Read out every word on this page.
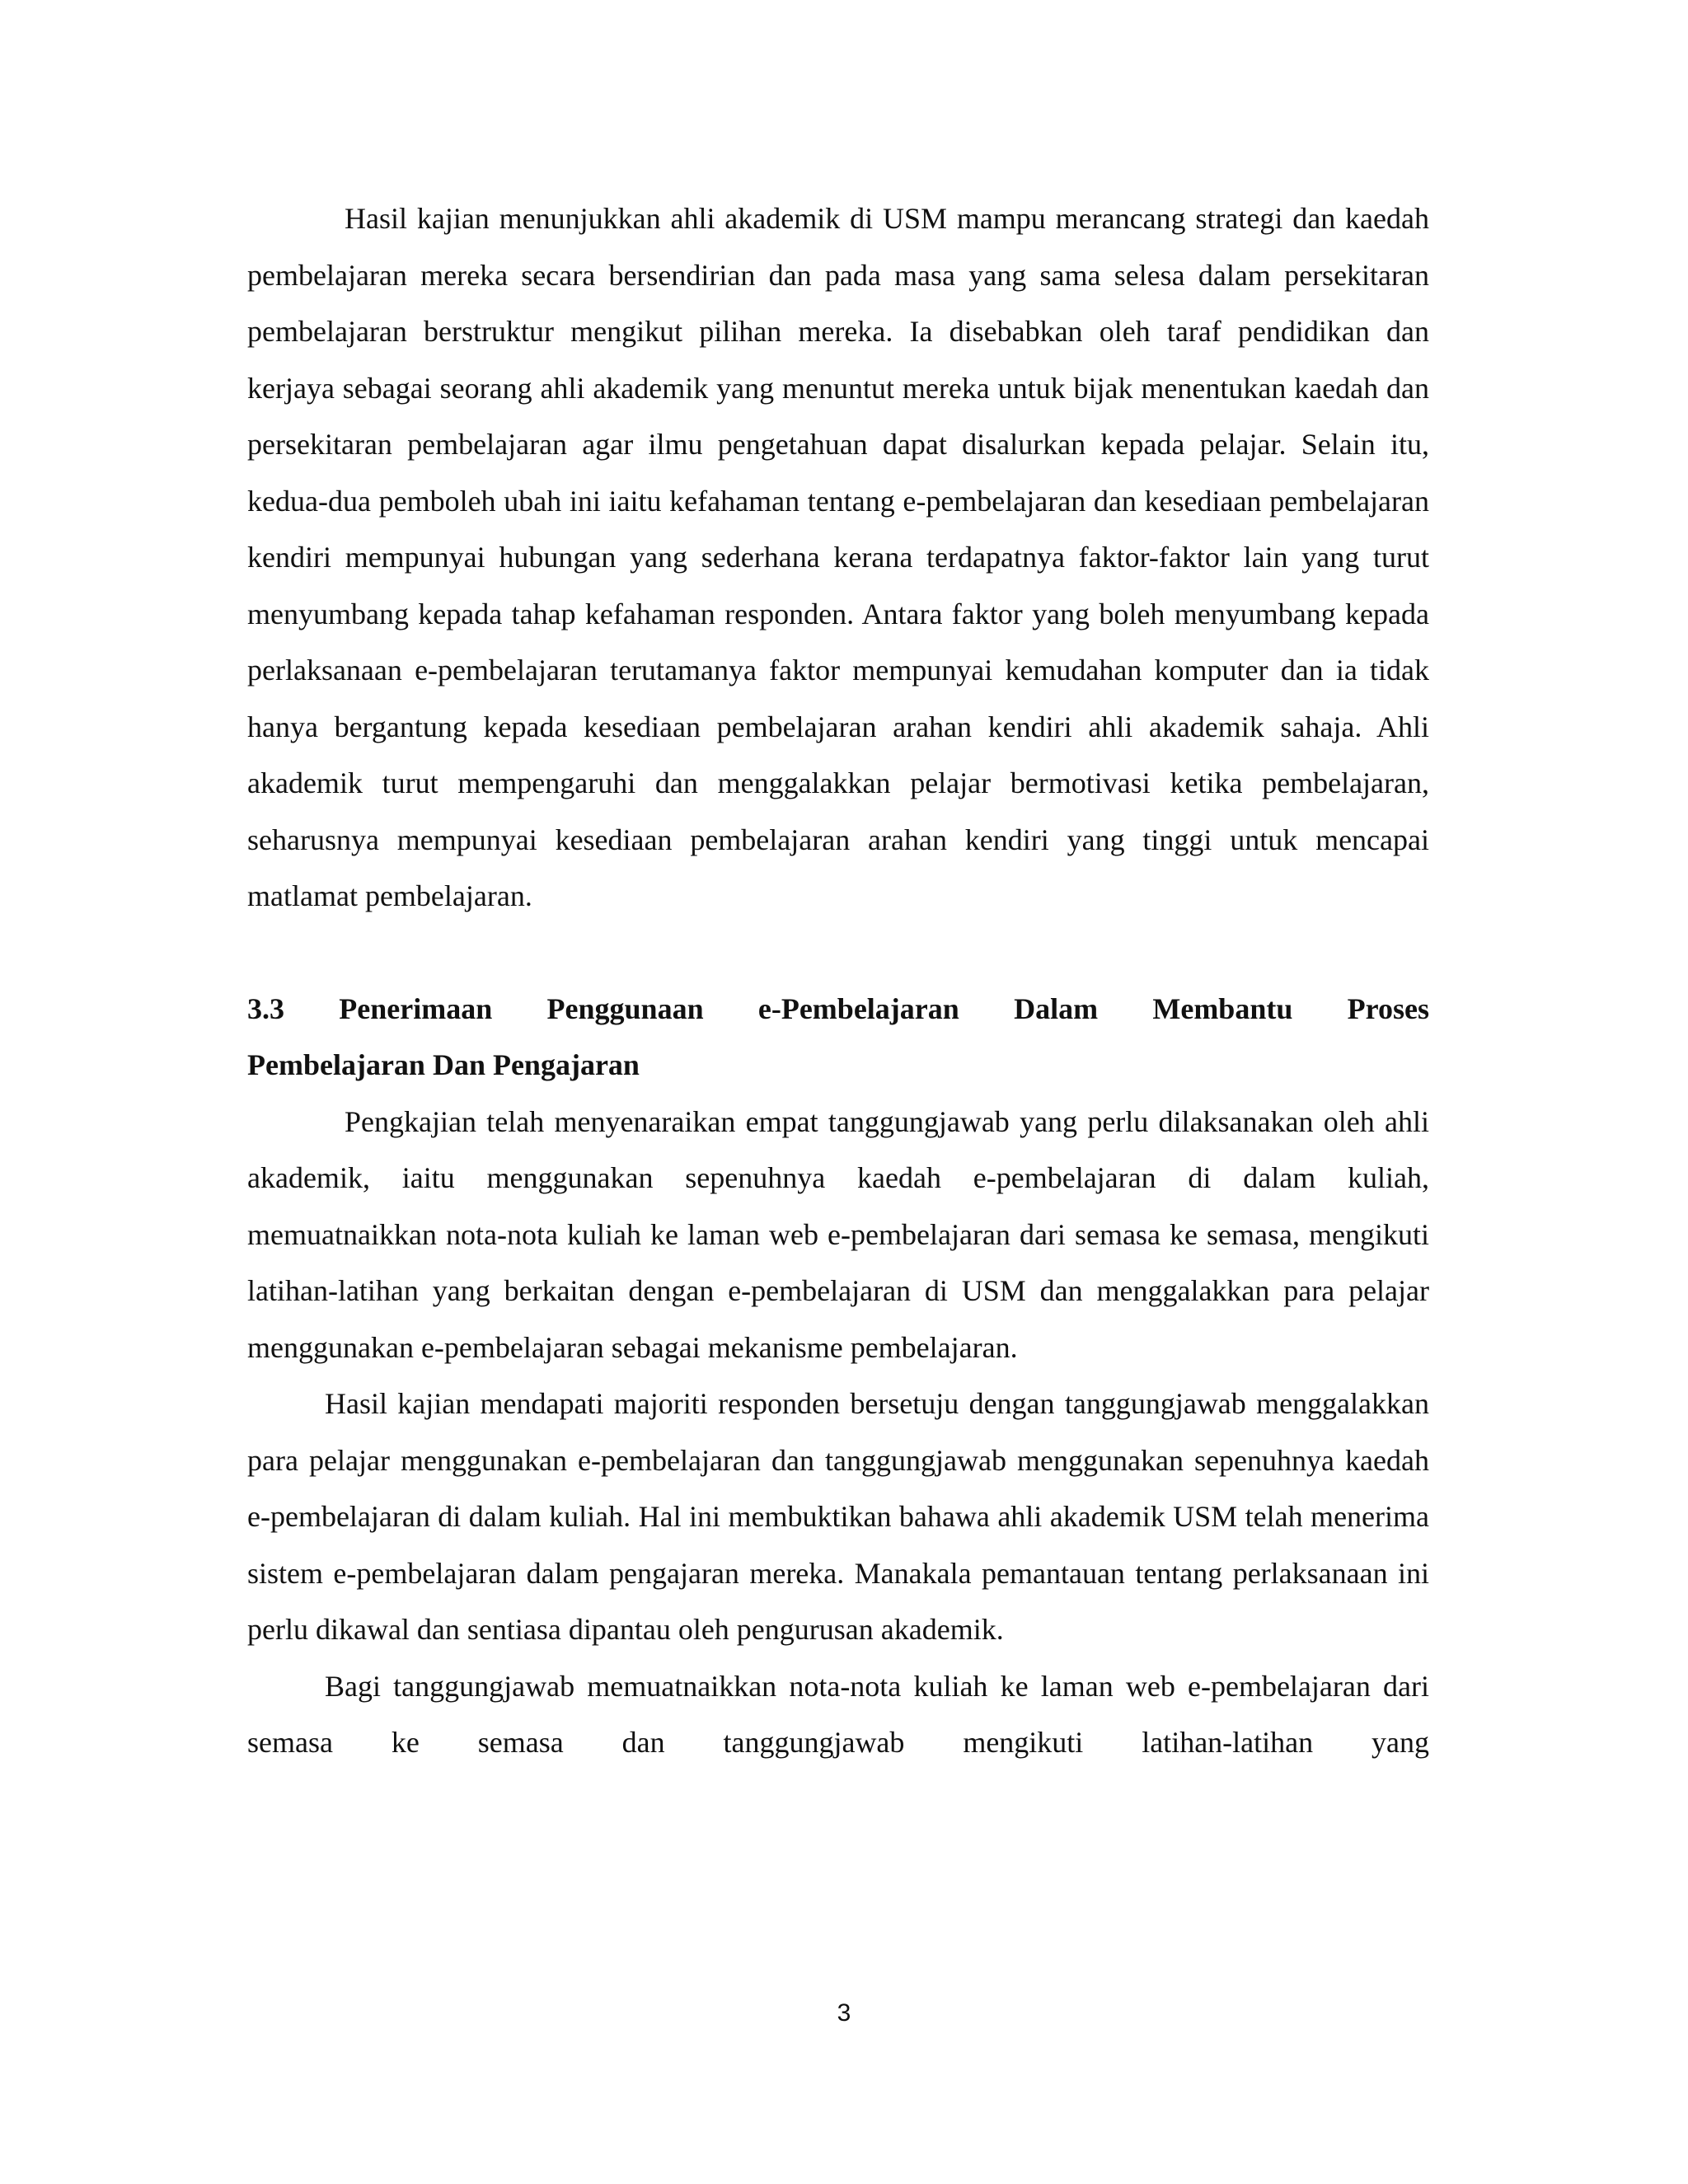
Hasil kajian menunjukkan ahli akademik di USM mampu merancang strategi dan kaedah pembelajaran mereka secara bersendirian dan pada masa yang sama selesa dalam persekitaran pembelajaran berstruktur mengikut pilihan mereka. Ia disebabkan oleh taraf pendidikan dan kerjaya sebagai seorang ahli akademik yang menuntut mereka untuk bijak menentukan kaedah dan persekitaran pembelajaran agar ilmu pengetahuan dapat disalurkan kepada pelajar. Selain itu, kedua-dua pemboleh ubah ini iaitu kefahaman tentang e-pembelajaran dan kesediaan pembelajaran kendiri mempunyai hubungan yang sederhana kerana terdapatnya faktor-faktor lain yang turut menyumbang kepada tahap kefahaman responden. Antara faktor yang boleh menyumbang kepada perlaksanaan e-pembelajaran terutamanya faktor mempunyai kemudahan komputer dan ia tidak hanya bergantung kepada kesediaan pembelajaran arahan kendiri ahli akademik sahaja. Ahli akademik turut mempengaruhi dan menggalakkan pelajar bermotivasi ketika pembelajaran, seharusnya mempunyai kesediaan pembelajaran arahan kendiri yang tinggi untuk mencapai matlamat pembelajaran.

3.3 Penerimaan Penggunaan e-Pembelajaran Dalam Membantu Proses

Pembelajaran Dan Pengajaran

Pengkajian telah menyenaraikan empat tanggungjawab yang perlu dilaksanakan oleh ahli akademik, iaitu menggunakan sepenuhnya kaedah e-pembelajaran di dalam kuliah, memuatnaikkan nota-nota kuliah ke laman web e-pembelajaran dari semasa ke semasa, mengikuti latihan-latihan yang berkaitan dengan e-pembelajaran di USM dan menggalakkan para pelajar menggunakan e-pembelajaran sebagai mekanisme pembelajaran.

Hasil kajian mendapati majoriti responden bersetuju dengan tanggungjawab menggalakkan para pelajar menggunakan e-pembelajaran dan tanggungjawab menggunakan sepenuhnya kaedah e-pembelajaran di dalam kuliah. Hal ini membuktikan bahawa ahli akademik USM telah menerima sistem e-pembelajaran dalam pengajaran mereka. Manakala pemantauan tentang perlaksanaan ini perlu dikawal dan sentiasa dipantau oleh pengurusan akademik.

Bagi tanggungjawab memuatnaikkan nota-nota kuliah ke laman web e-pembelajaran dari semasa ke semasa dan tanggungjawab mengikuti latihan-latihan yang

3
